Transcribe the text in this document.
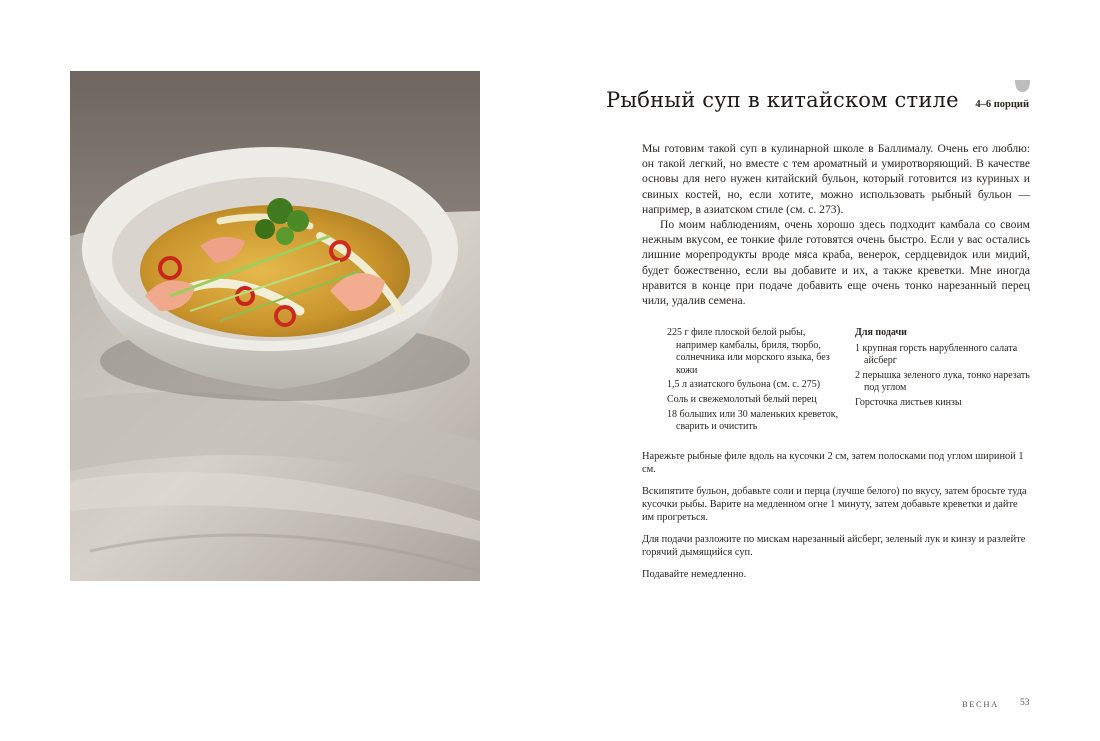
Рыбный суп в китайском стиле 4–6 порций

Мы готовим такой суп в кулинарной школе в Баллималу. Очень его люблю: он такой легкий, но вместе с тем ароматный и умиротворяющий. В качестве основы для него нужен китайский бульон, который готовится из куриных и свиных костей, но, если хотите, можно использовать рыбный бульон — например, в азиатском стиле (см. с. 273).

По моим наблюдениям, очень хорошо здесь подходит камбала со своим нежным вкусом, ее тонкие филе готовятся очень быстро. Если у вас остались лишние морепродукты вроде мяса краба, венерок, сердцевидок или мидий, будет божественно, если вы добавите и их, а также креветки. Мне иногда нравится в конце при подаче добавить еще очень тонко нарезанный перец чили, удалив семена.

225 г филе плоской белой рыбы, например камбалы, бриля, тюрбо, солнечника или морского языка, без кожи
1,5 л азиатского бульона (см. с. 275)
Соль и свежемолотый белый перец
18 больших или 30 маленьких креветок, сварить и очистить
Для подачи
1 крупная горсть нарубленного салата айсберг
2 перышка зеленого лука, тонко нарезать под углом
Горсточка листьев кинзы

Нарежьте рыбные филе вдоль на кусочки 2 см, затем полосками под углом шириной 1 см.

Вскипятите бульон, добавьте соли и перца (лучше белого) по вкусу, затем бросьте туда кусочки рыбы. Варите на медленном огне 1 минуту, затем добавьте креветки и дайте им прогреться.

Для подачи разложите по мискам нарезанный айсберг, зеленый лук и кинзу и разлейте горячий дымящийся суп.

Подавайте немедленно.

ВЕСНА 53
